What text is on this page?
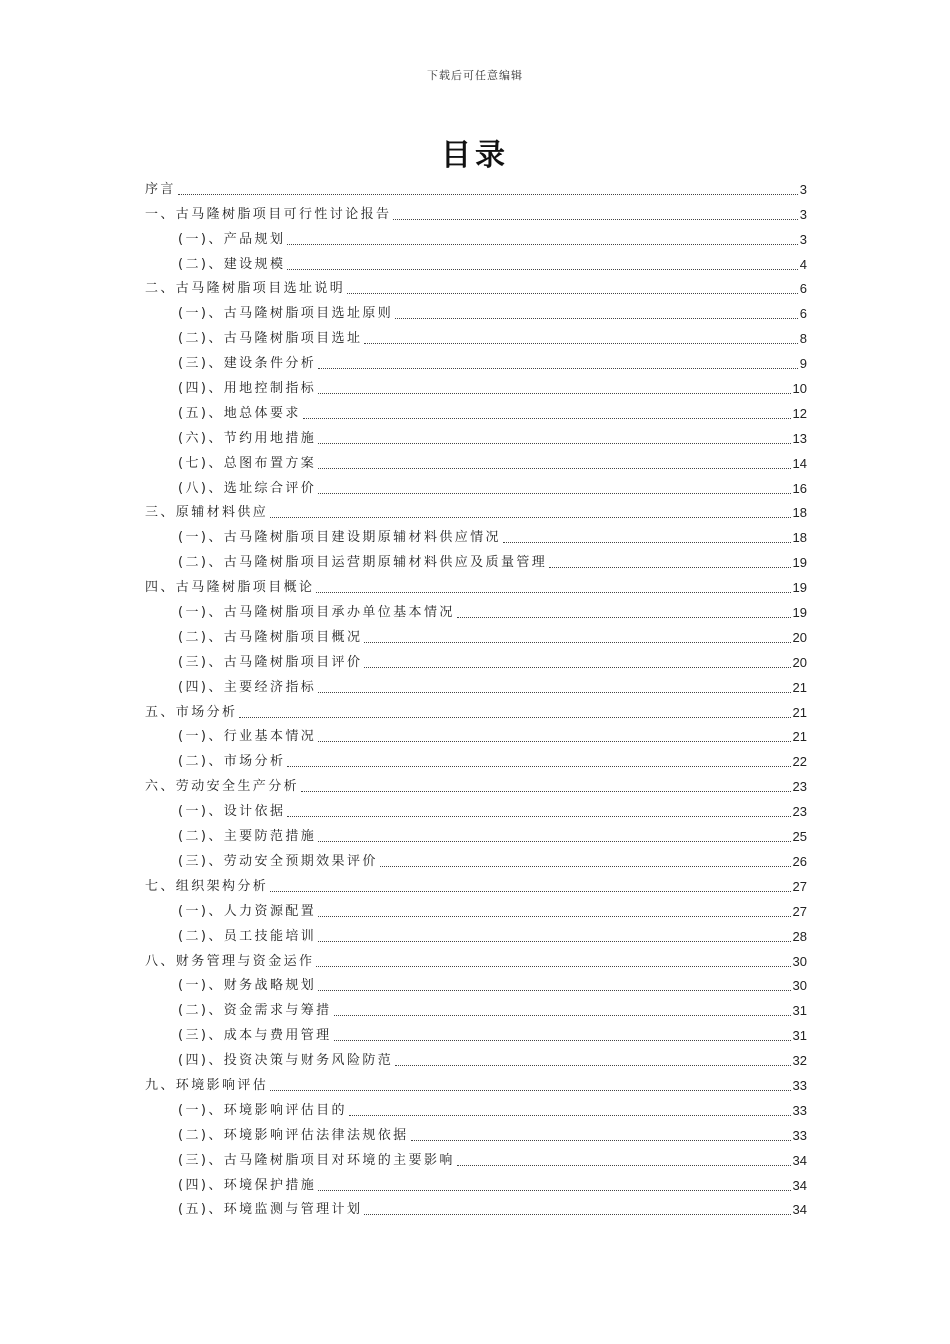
下载后可任意编辑
目录
序言	3
一、古马隆树脂项目可行性讨论报告	3
(一)、产品规划	3
(二)、建设规模	4
二、古马隆树脂项目选址说明	6
(一)、古马隆树脂项目选址原则	6
(二)、古马隆树脂项目选址	8
(三)、建设条件分析	9
(四)、用地控制指标	10
(五)、地总体要求	12
(六)、节约用地措施	13
(七)、总图布置方案	14
(八)、选址综合评价	16
三、原辅材料供应	18
(一)、古马隆树脂项目建设期原辅材料供应情况	18
(二)、古马隆树脂项目运营期原辅材料供应及质量管理	19
四、古马隆树脂项目概论	19
(一)、古马隆树脂项目承办单位基本情况	19
(二)、古马隆树脂项目概况	20
(三)、古马隆树脂项目评价	20
(四)、主要经济指标	21
五、市场分析	21
(一)、行业基本情况	21
(二)、市场分析	22
六、劳动安全生产分析	23
(一)、设计依据	23
(二)、主要防范措施	25
(三)、劳动安全预期效果评价	26
七、组织架构分析	27
(一)、人力资源配置	27
(二)、员工技能培训	28
八、财务管理与资金运作	30
(一)、财务战略规划	30
(二)、资金需求与筹措	31
(三)、成本与费用管理	31
(四)、投资决策与财务风险防范	32
九、环境影响评估	33
(一)、环境影响评估目的	33
(二)、环境影响评估法律法规依据	33
(三)、古马隆树脂项目对环境的主要影响	34
(四)、环境保护措施	34
(五)、环境监测与管理计划	34
